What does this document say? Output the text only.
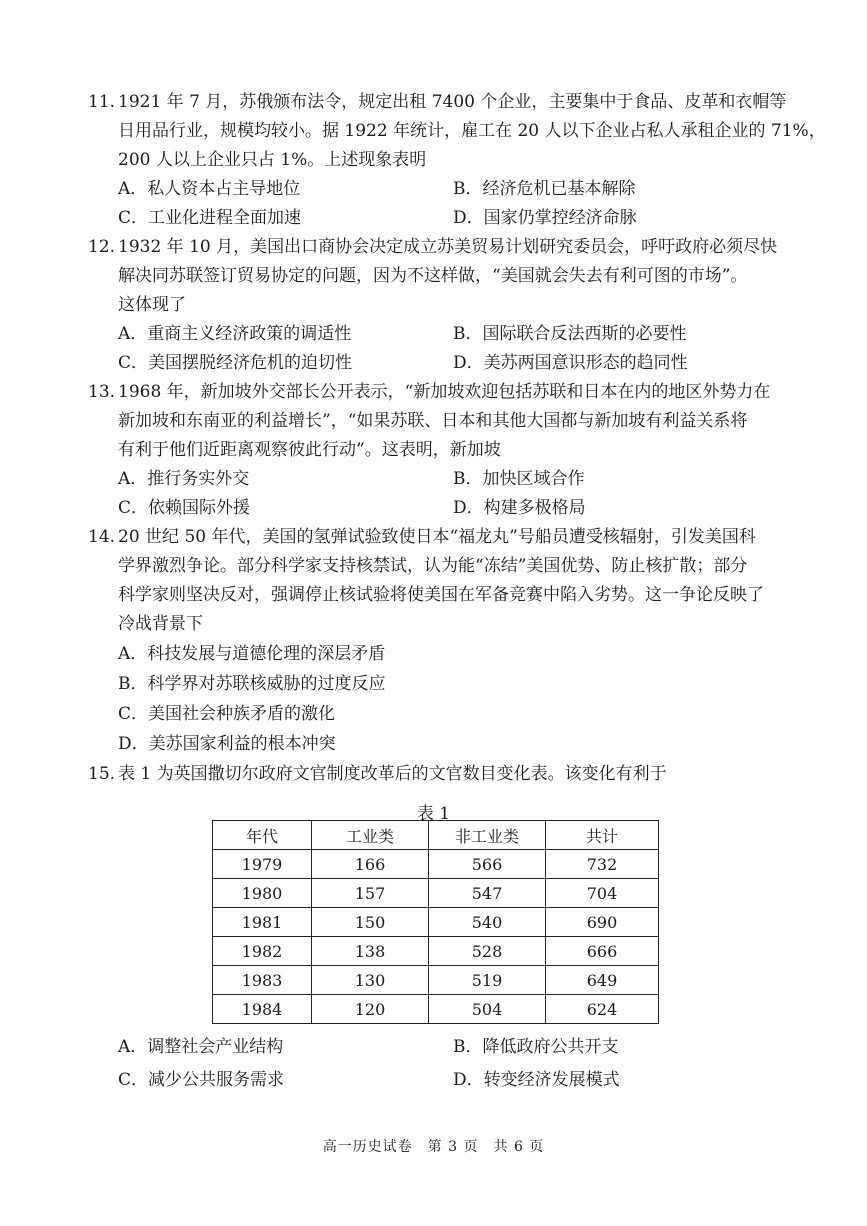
11. 1921 年 7 月，苏俄颁布法令，规定出租 7400 个企业，主要集中于食品、皮革和衣帽等
日用品行业，规模均较小。据 1922 年统计，雇工在 20 人以下企业占私人承租企业的 71%，
200 人以上企业只占 1%。上述现象表明
A．私人资本占主导地位	B．经济危机已基本解除
C．工业化进程全面加速	D．国家仍掌控经济命脉
12. 1932 年 10 月，美国出口商协会决定成立苏美贸易计划研究委员会，呼吁政府必须尽快
解决同苏联签订贸易协定的问题，因为不这样做，“美国就会失去有利可图的市场”。
这体现了
A．重商主义经济政策的调适性	B．国际联合反法西斯的必要性
C．美国摆脱经济危机的迫切性	D．美苏两国意识形态的趋同性
13. 1968 年，新加坡外交部长公开表示，“新加坡欢迎包括苏联和日本在内的地区外势力在
新加坡和东南亚的利益增长”，“如果苏联、日本和其他大国都与新加坡有利益关系将
有利于他们近距离观察彼此行动”。这表明，新加坡
A．推行务实外交	B．加快区域合作
C．依赖国际外援	D．构建多极格局
14. 20 世纪 50 年代，美国的氢弹试验致使日本“福龙丸”号船员遭受核辐射，引发美国科
学界激烈争论。部分科学家支持核禁试，认为能“冻结”美国优势、防止核扩散；部分
科学家则坚决反对，强调停止核试验将使美国在军备竞赛中陷入劣势。这一争论反映了
冷战背景下
A．科技发展与道德伦理的深层矛盾
B．科学界对苏联核威胁的过度反应
C．美国社会种族矛盾的激化
D．美苏国家利益的根本冲突
15. 表 1 为英国撒切尔政府文官制度改革后的文官数目变化表。该变化有利于
表 1
年代	工业类	非工业类	共计
1979	166	566	732
1980	157	547	704
1981	150	540	690
1982	138	528	666
1983	130	519	649
1984	120	504	624
A．调整社会产业结构	B．降低政府公共开支
C．减少公共服务需求	D．转变经济发展模式
高一历史试卷　第 3 页　共 6 页
